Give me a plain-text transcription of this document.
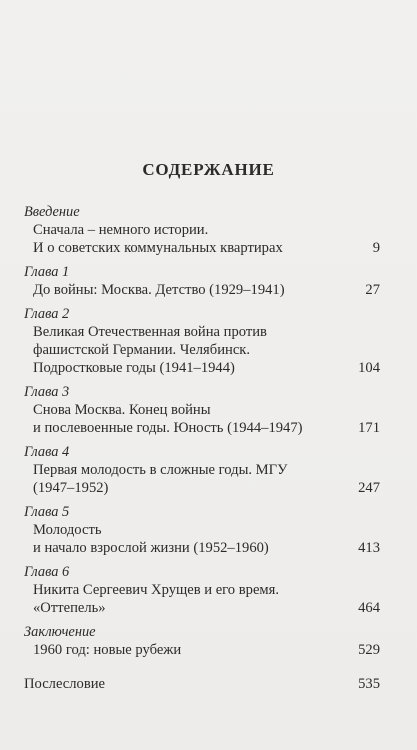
СОДЕРЖАНИЕ
Введение
Сначала – немного истории.
И о советских коммунальных квартирах	9
Глава 1
До войны: Москва. Детство (1929–1941)	27
Глава 2
Великая Отечественная война против
фашистской Германии. Челябинск.
Подростковые годы (1941–1944)	104
Глава 3
Снова Москва. Конец войны
и послевоенные годы. Юность (1944–1947)	171
Глава 4
Первая молодость в сложные годы. МГУ
(1947–1952)	247
Глава 5
Молодость
и начало взрослой жизни (1952–1960)	413
Глава 6
Никита Сергеевич Хрущев и его время.
«Оттепель»	464
Заключение
1960 год: новые рубежи	529
Послесловие	535
